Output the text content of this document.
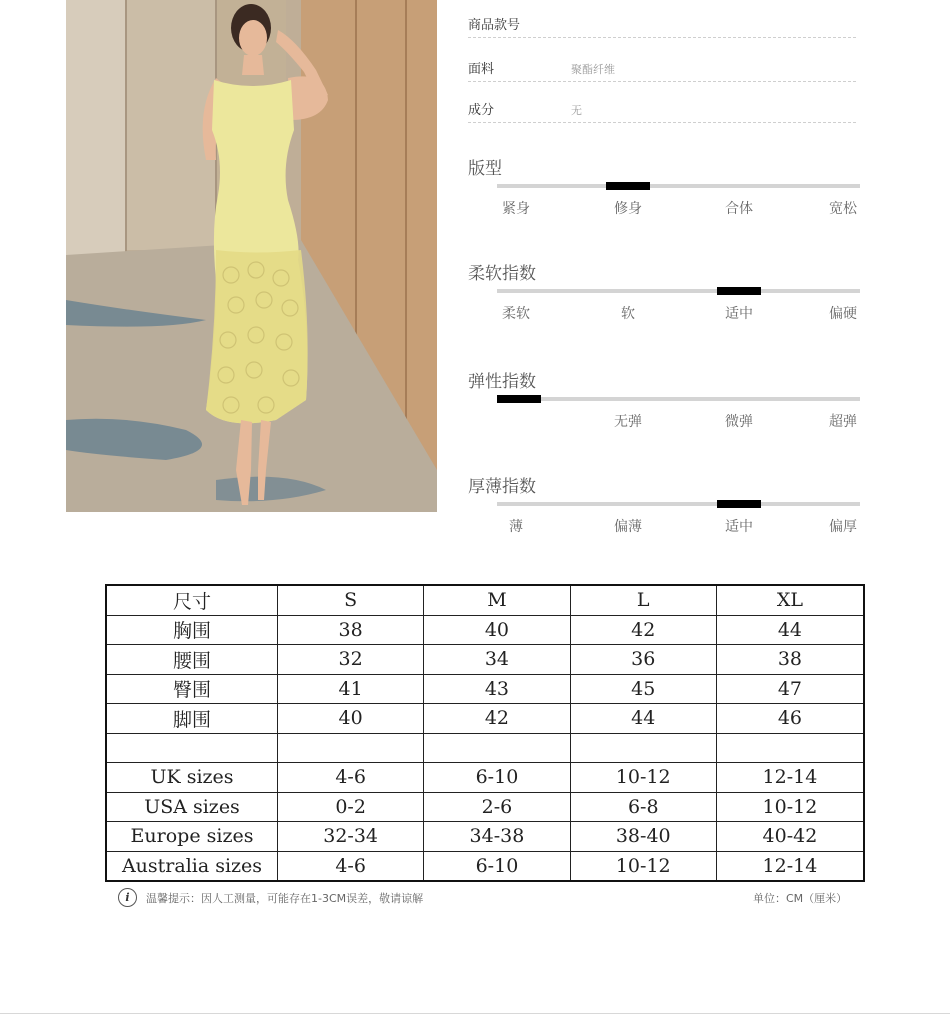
商品款号
面料	聚酯纤维
成分	无
版型
紧身	修身	合体	宽松
柔软指数
柔软	软	适中	偏硬
弹性指数
无弹	微弹	超弹
厚薄指数
薄	偏薄	适中	偏厚
尺寸	S	M	L	XL
胸围	38	40	42	44
腰围	32	34	36	38
臀围	41	43	45	47
脚围	40	42	44	46

UK sizes	4-6	6-10	10-12	12-14
USA sizes	0-2	2-6	6-8	10-12
Europe sizes	32-34	34-38	38-40	40-42
Australia sizes	4-6	6-10	10-12	12-14
i	温馨提示：因人工测量，可能存在1-3CM误差，敬请谅解	单位：CM（厘米）
